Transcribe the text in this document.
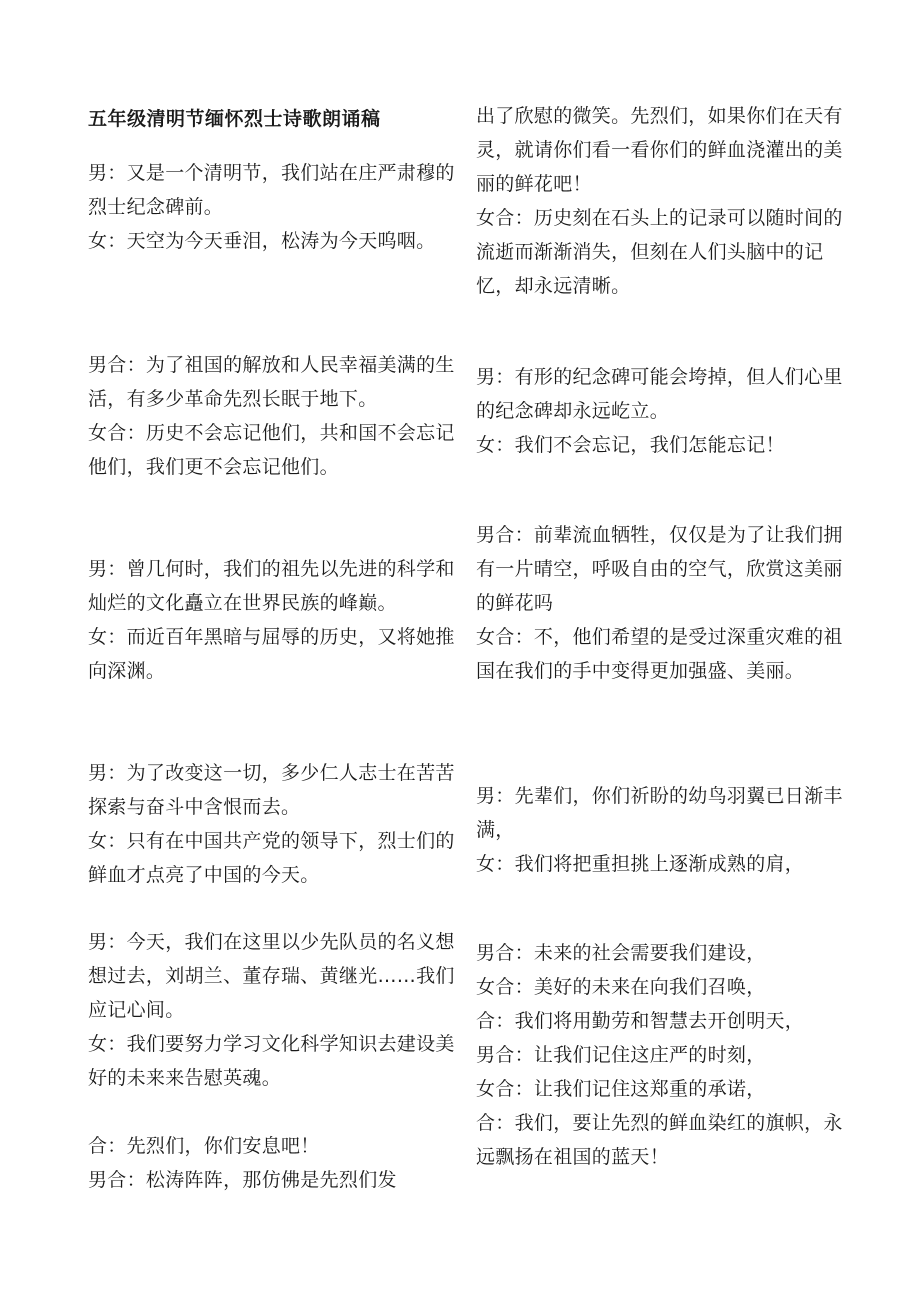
五年级清明节缅怀烈士诗歌朗诵稿

男：又是一个清明节，我们站在庄严肃穆的烈士纪念碑前。

女：天空为今天垂泪，松涛为今天呜咽。

男合：为了祖国的解放和人民幸福美满的生活，有多少革命先烈长眠于地下。

女合：历史不会忘记他们，共和国不会忘记他们，我们更不会忘记他们。

男：曾几何时，我们的祖先以先进的科学和灿烂的文化矗立在世界民族的峰巅。

女：而近百年黑暗与屈辱的历史，又将她推向深渊。

男：为了改变这一切，多少仁人志士在苦苦探索与奋斗中含恨而去。

女：只有在中国共产党的领导下，烈士们的鲜血才点亮了中国的今天。

男：今天，我们在这里以少先队员的名义想想过去，刘胡兰、董存瑞、黄继光……我们应记心间。

女：我们要努力学习文化科学知识去建设美好的未来来告慰英魂。

合：先烈们，你们安息吧！

男合：松涛阵阵，那仿佛是先烈们发

出了欣慰的微笑。先烈们，如果你们在天有灵，就请你们看一看你们的鲜血浇灌出的美丽的鲜花吧！

女合：历史刻在石头上的记录可以随时间的流逝而渐渐消失，但刻在人们头脑中的记忆，却永远清晰。

男：有形的纪念碑可能会垮掉，但人们心里的纪念碑却永远屹立。

女：我们不会忘记，我们怎能忘记！

男合：前辈流血牺牲，仅仅是为了让我们拥有一片晴空，呼吸自由的空气，欣赏这美丽的鲜花吗

女合：不，他们希望的是受过深重灾难的祖国在我们的手中变得更加强盛、美丽。

男：先辈们，你们祈盼的幼鸟羽翼已日渐丰满，

女：我们将把重担挑上逐渐成熟的肩，

男合：未来的社会需要我们建设，

女合：美好的未来在向我们召唤，

合：我们将用勤劳和智慧去开创明天，

男合：让我们记住这庄严的时刻，

女合：让我们记住这郑重的承诺，

合：我们，要让先烈的鲜血染红的旗帜，永远飘扬在祖国的蓝天！
